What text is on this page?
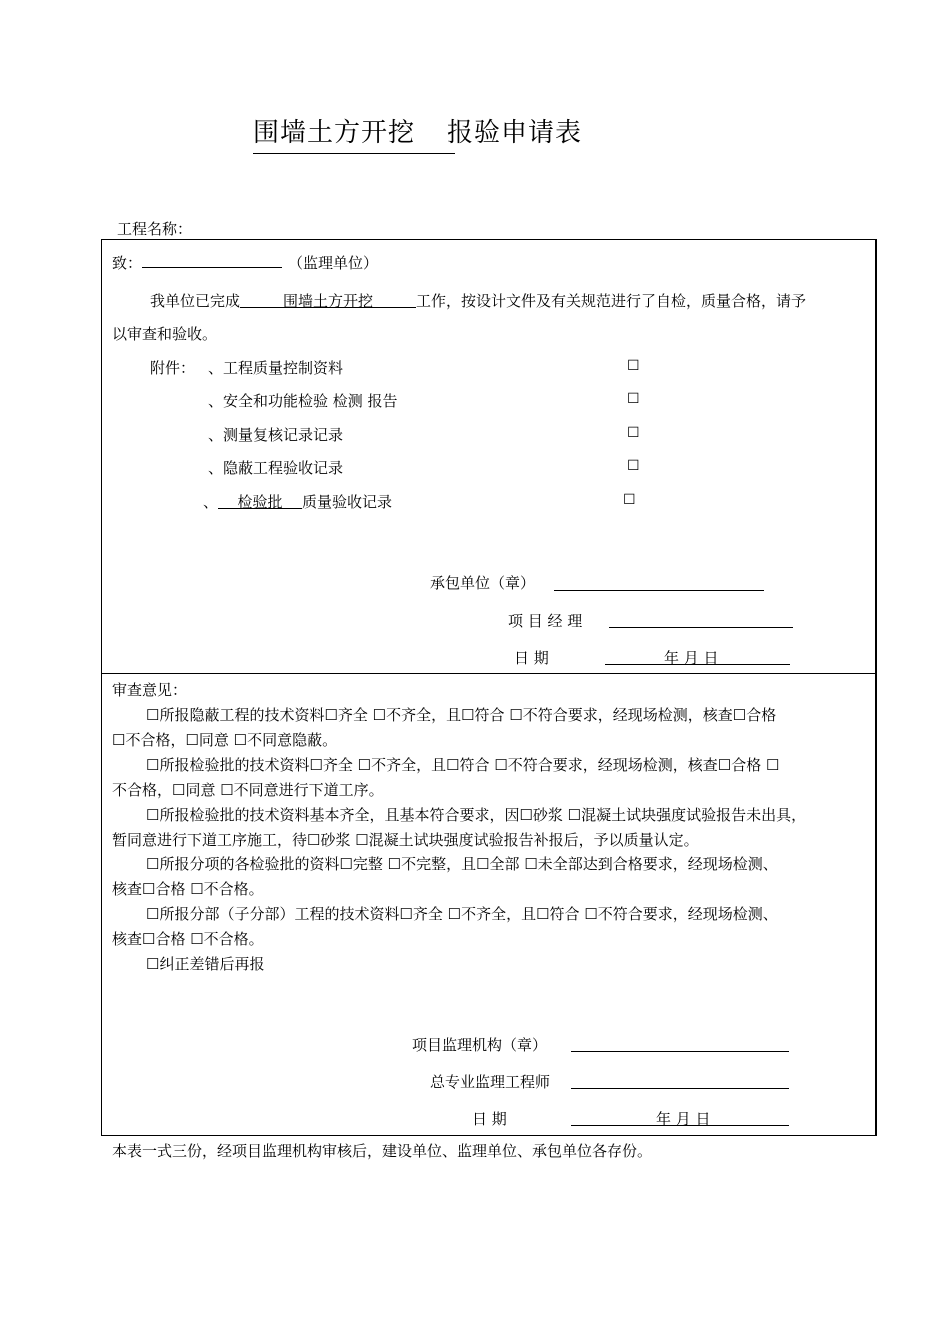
围墙土方开挖 报验申请表
工程名称：
致：	（监理单位）
我单位已完成	围墙土方开挖	工作，按设计文件及有关规范进行了自检，质量合格，请予
以审查和验收。
附件： 、工程质量控制资料	☐
、安全和功能检验 检测 报告	☐
、测量复核记录记录	☐
、隐蔽工程验收记录	☐
、 检验批 质量验收记录	☐
承包单位（章）
项 目 经 理
日 期	年 月 日
审查意见：
☐所报隐蔽工程的技术资料☐齐全 ☐不齐全，且☐符合 ☐不符合要求，经现场检测，核查☐合格
☐不合格，☐同意 ☐不同意隐蔽。
☐所报检验批的技术资料☐齐全 ☐不齐全，且☐符合 ☐不符合要求，经现场检测，核查☐合格 ☐
不合格，☐同意 ☐不同意进行下道工序。
☐所报检验批的技术资料基本齐全，且基本符合要求，因☐砂浆 ☐混凝土试块强度试验报告未出具，
暂同意进行下道工序施工，待☐砂浆 ☐混凝土试块强度试验报告补报后，予以质量认定。
☐所报分项的各检验批的资料☐完整 ☐不完整，且☐全部 ☐未全部达到合格要求，经现场检测、
核查☐合格 ☐不合格。
☐所报分部（子分部）工程的技术资料☐齐全 ☐不齐全，且☐符合 ☐不符合要求，经现场检测、
核查☐合格 ☐不合格。
☐纠正差错后再报
项目监理机构（章）
总专业监理工程师
日 期	年 月 日
本表一式三份，经项目监理机构审核后，建设单位、监理单位、承包单位各存份。
